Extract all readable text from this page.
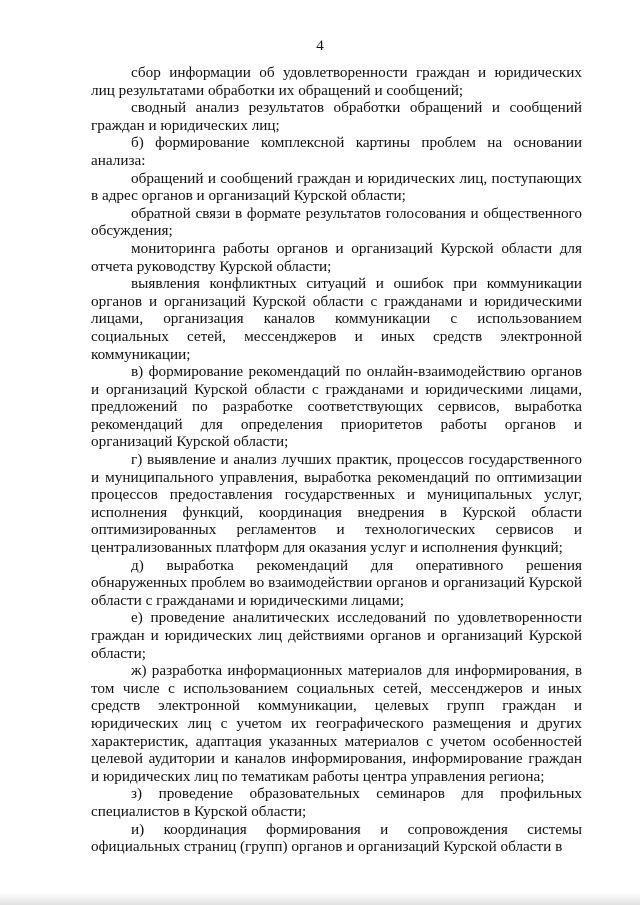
4

сбор информации об удовлетворенности граждан и юридических лиц результатами обработки их обращений и сообщений;

сводный анализ результатов обработки обращений и сообщений граждан и юридических лиц;

б) формирование комплексной картины проблем на основании анализа:

обращений и сообщений граждан и юридических лиц, поступающих в адрес органов и организаций Курской области;

обратной связи в формате результатов голосования и общественного обсуждения;

мониторинга работы органов и организаций Курской области для отчета руководству Курской области;

выявления конфликтных ситуаций и ошибок при коммуникации органов и организаций Курской области с гражданами и юридическими лицами, организация каналов коммуникации с использованием социальных сетей, мессенджеров и иных средств электронной коммуникации;

в) формирование рекомендаций по онлайн-взаимодействию органов и организаций Курской области с гражданами и юридическими лицами, предложений по разработке соответствующих сервисов, выработка рекомендаций для определения приоритетов работы органов и организаций Курской области;

г) выявление и анализ лучших практик, процессов государственного и муниципального управления, выработка рекомендаций по оптимизации процессов предоставления государственных и муниципальных услуг, исполнения функций, координация внедрения в Курской области оптимизированных регламентов и технологических сервисов и централизованных платформ для оказания услуг и исполнения функций;

д) выработка рекомендаций для оперативного решения обнаруженных проблем во взаимодействии органов и организаций Курской области с гражданами и юридическими лицами;

е) проведение аналитических исследований по удовлетворенности граждан и юридических лиц действиями органов и организаций Курской области;

ж) разработка информационных материалов для информирования, в том числе с использованием социальных сетей, мессенджеров и иных средств электронной коммуникации, целевых групп граждан и юридических лиц с учетом их географического размещения и других характеристик, адаптация указанных материалов с учетом особенностей целевой аудитории и каналов информирования, информирование граждан и юридических лиц по тематикам работы центра управления региона;

з) проведение образовательных семинаров для профильных специалистов в Курской области;

и) координация формирования и сопровождения системы официальных страниц (групп) органов и организаций Курской области в
